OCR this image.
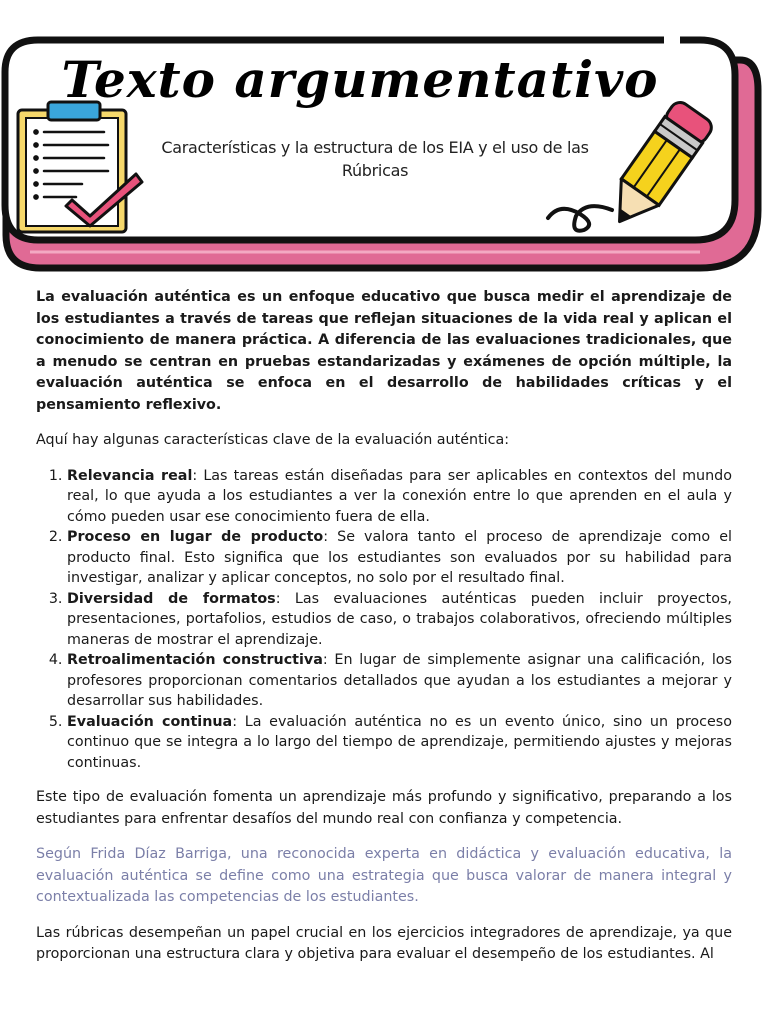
Texto argumentativo
Características y la estructura de los EIA y el uso de las Rúbricas

La evaluación auténtica es un enfoque educativo que busca medir el aprendizaje de los estudiantes a través de tareas que reflejan situaciones de la vida real y aplican el conocimiento de manera práctica. A diferencia de las evaluaciones tradicionales, que a menudo se centran en pruebas estandarizadas y exámenes de opción múltiple, la evaluación auténtica se enfoca en el desarrollo de habilidades críticas y el pensamiento reflexivo.

Aquí hay algunas características clave de la evaluación auténtica:

1. Relevancia real: Las tareas están diseñadas para ser aplicables en contextos del mundo real, lo que ayuda a los estudiantes a ver la conexión entre lo que aprenden en el aula y cómo pueden usar ese conocimiento fuera de ella.
2. Proceso en lugar de producto: Se valora tanto el proceso de aprendizaje como el producto final. Esto significa que los estudiantes son evaluados por su habilidad para investigar, analizar y aplicar conceptos, no solo por el resultado final.
3. Diversidad de formatos: Las evaluaciones auténticas pueden incluir proyectos, presentaciones, portafolios, estudios de caso, o trabajos colaborativos, ofreciendo múltiples maneras de mostrar el aprendizaje.
4. Retroalimentación constructiva: En lugar de simplemente asignar una calificación, los profesores proporcionan comentarios detallados que ayudan a los estudiantes a mejorar y desarrollar sus habilidades.
5. Evaluación continua: La evaluación auténtica no es un evento único, sino un proceso continuo que se integra a lo largo del tiempo de aprendizaje, permitiendo ajustes y mejoras continuas.

Este tipo de evaluación fomenta un aprendizaje más profundo y significativo, preparando a los estudiantes para enfrentar desafíos del mundo real con confianza y competencia.

Según Frida Díaz Barriga, una reconocida experta en didáctica y evaluación educativa, la evaluación auténtica se define como una estrategia que busca valorar de manera integral y contextualizada las competencias de los estudiantes.

Las rúbricas desempeñan un papel crucial en los ejercicios integradores de aprendizaje, ya que proporcionan una estructura clara y objetiva para evaluar el desempeño de los estudiantes. Al
